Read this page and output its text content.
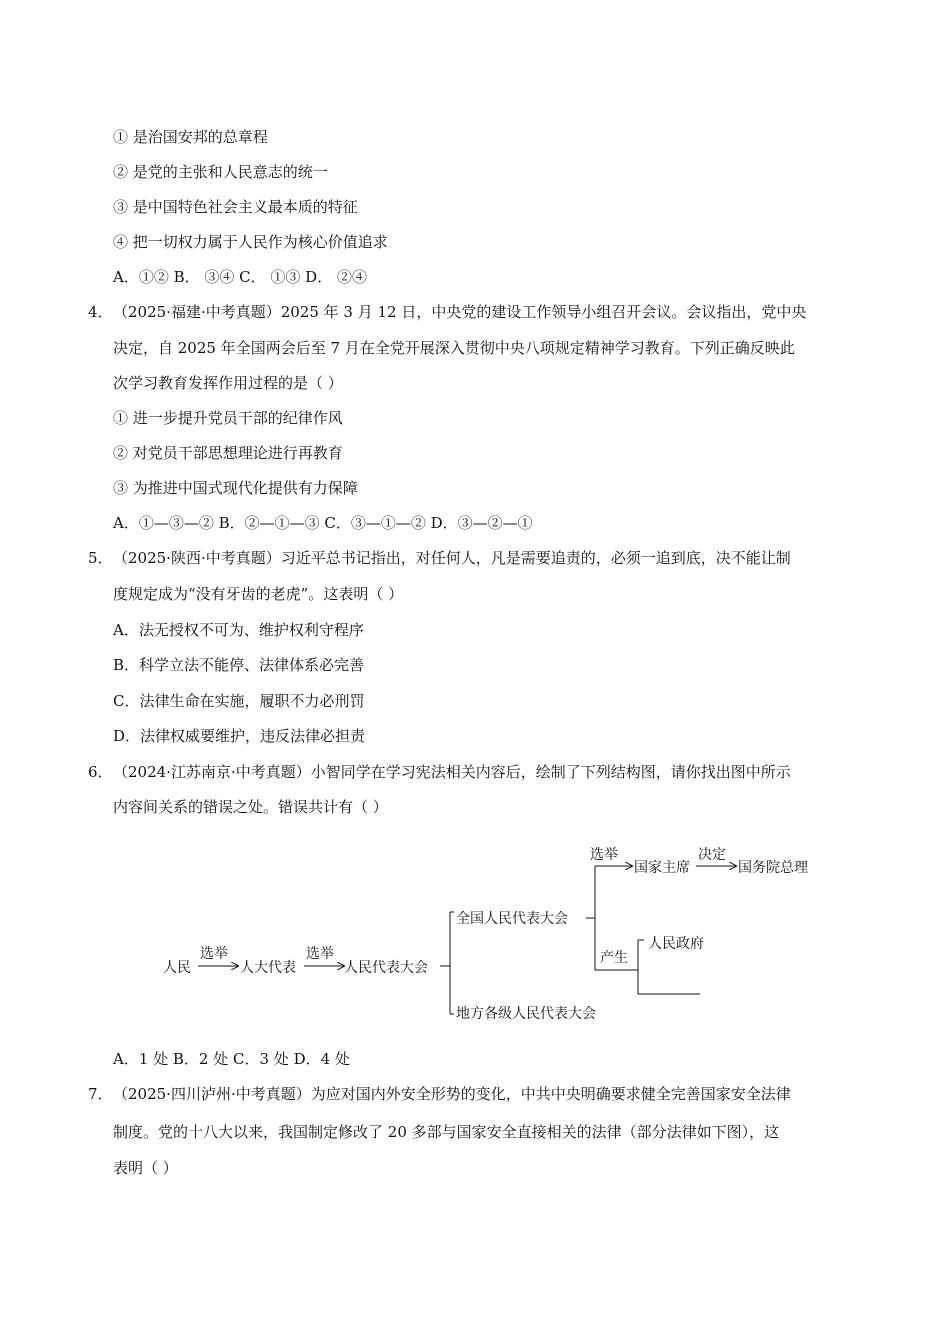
① 是治国安邦的总章程
② 是党的主张和人民意志的统一
③ 是中国特色社会主义最本质的特征
④ 把一切权力属于人民作为核心价值追求
A．①② B． ③④ C． ①③ D． ②④
4． （2025·福建·中考真题）2025 年 3 月 12 日，中央党的建设工作领导小组召开会议。会议指出，党中央
决定，自 2025 年全国两会后至 7 月在全党开展深入贯彻中央八项规定精神学习教育。下列正确反映此
次学习教育发挥作用过程的是（ ）
① 进一步提升党员干部的纪律作风
② 对党员干部思想理论进行再教育
③ 为推进中国式现代化提供有力保障
A．①—③—② B．②—①—③ C．③—①—② D．③—②—①
5． （2025·陕西·中考真题）习近平总书记指出，对任何人，凡是需要追责的，必须一追到底，决不能让制
度规定成为“没有牙齿的老虎”。这表明（ ）
A．法无授权不可为、维护权利守程序
B．科学立法不能停、法律体系必完善
C．法律生命在实施，履职不力必刑罚
D．法律权威要维护，违反法律必担责
6． （2024·江苏南京·中考真题）小智同学在学习宪法相关内容后，绘制了下列结构图，请你找出图中所示
内容间关系的错误之处。错误共计有（ ）
人民
选举
人大代表
选举
人民代表大会
全国人民代表大会
地方各级人民代表大会
选举
国家主席
决定
国务院总理
产生
人民政府
A．1 处 B．2 处 C．3 处 D．4 处
7． （2025·四川泸州·中考真题）为应对国内外安全形势的变化，中共中央明确要求健全完善国家安全法律
制度。党的十八大以来，我国制定修改了 20 多部与国家安全直接相关的法律（部分法律如下图），这
表明（ ）
